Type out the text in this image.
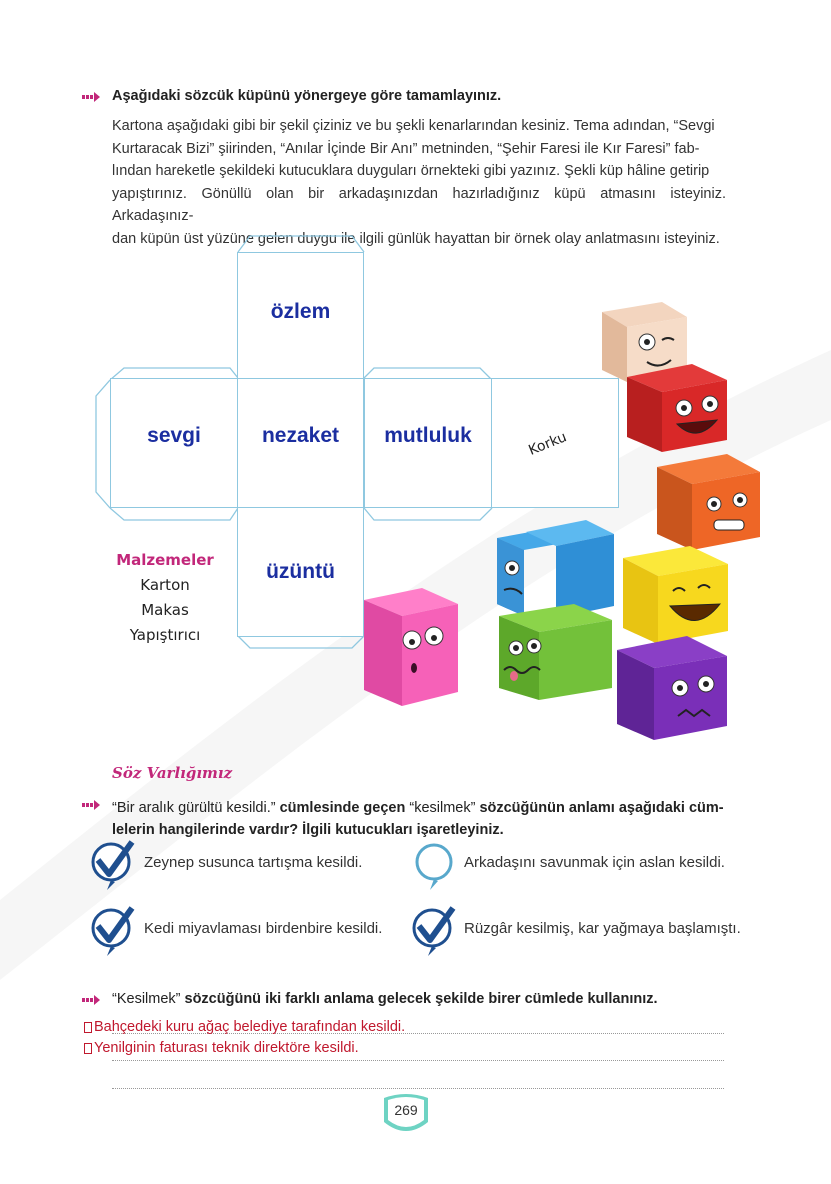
Aşağıdaki sözcük küpünü yönergeye göre tamamlayınız.
Kartona aşağıdaki gibi bir şekil çiziniz ve bu şekli kenarlarından kesiniz. Tema adından, “Sevgi
Kurtaracak Bizi” şiirinden, “Anılar İçinde Bir Anı” metninden, “Şehir Faresi ile Kır Faresi” fab-
lından hareketle şekildeki kutucuklara duyguları örnekteki gibi yazınız. Şekli küp hâline getirip
yapıştırınız. Gönüllü olan bir arkadaşınızdan hazırladığınız küpü atmasını isteyiniz. Arkadaşınız-
dan küpün üst yüzüne gelen duygu ile ilgili günlük hayattan bir örnek olay anlatmasını isteyiniz.
özlem
sevgi	nezaket	mutluluk	Korku
üzüntü
Malzemeler
Karton
Makas
Yapıştırıcı
Söz Varlığımız
“Bir aralık gürültü kesildi.” cümlesinde geçen “kesilmek” sözcüğünün anlamı aşağıdaki cüm-
lelerin hangilerinde vardır? İlgili kutucukları işaretleyiniz.
Zeynep susunca tartışma kesildi.	Arkadaşını savunmak için aslan kesildi.
Kedi miyavlaması birdenbire kesildi.	Rüzgâr kesilmiş, kar yağmaya başlamıştı.
“Kesilmek” sözcüğünü iki farklı anlama gelecek şekilde birer cümlede kullanınız.
Bahçedeki kuru ağaç belediye tarafından kesildi.
Yenilginin faturası teknik direktöre kesildi.
269
